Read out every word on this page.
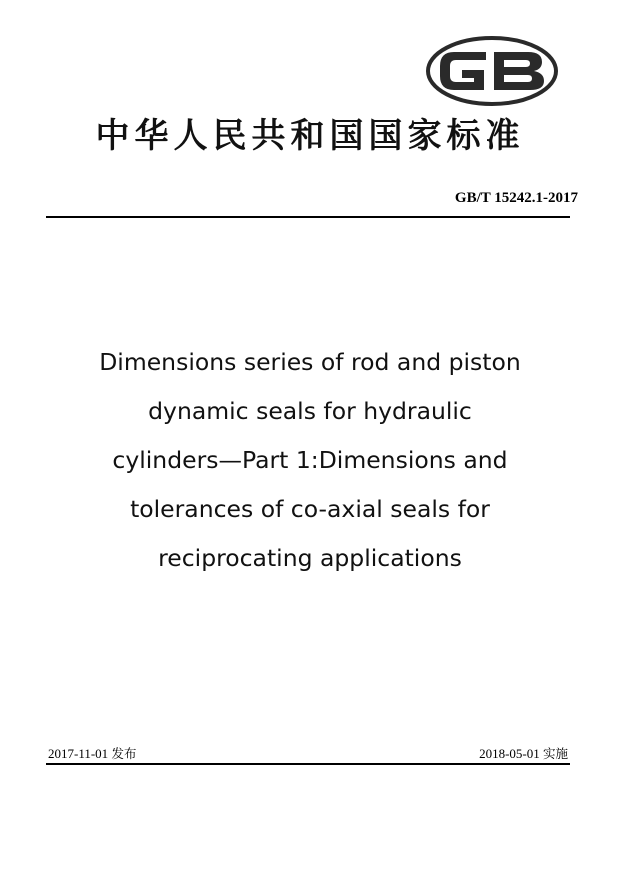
中华人民共和国国家标准
GB/T 15242.1-2017
Dimensions series of rod and piston
dynamic seals for hydraulic
cylinders—Part 1:Dimensions and
tolerances of co-axial seals for
reciprocating applications
2017-11-01 发布	2018-05-01 实施
